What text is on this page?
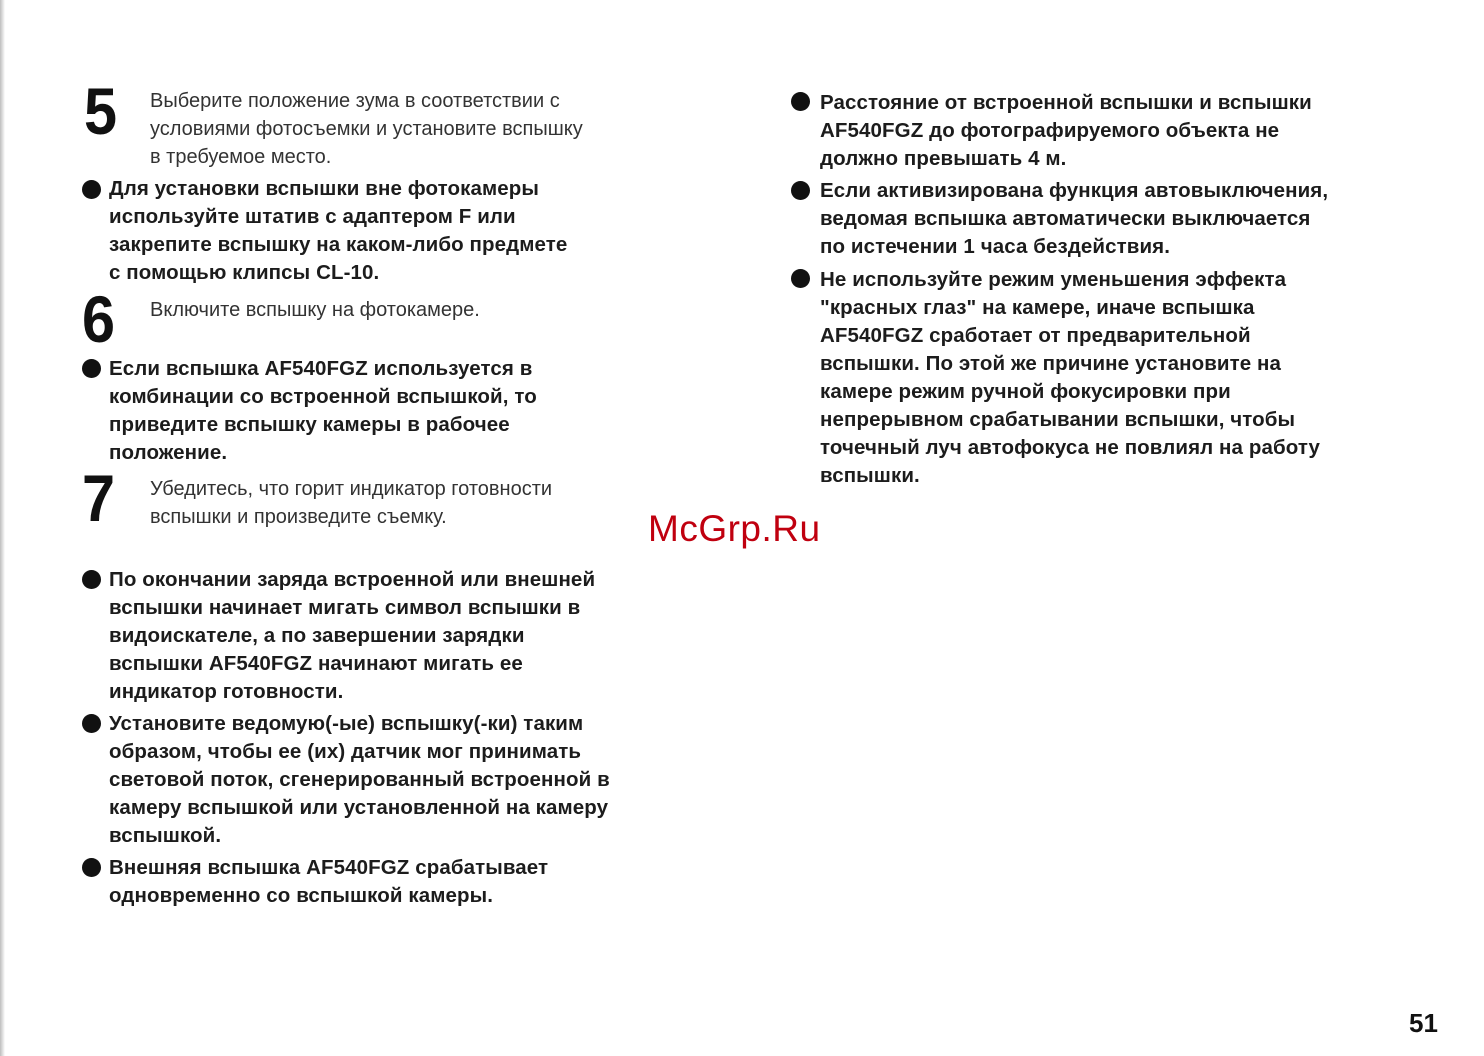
5 Выберите положение зума в соответствии с
условиями фотосъемки и установите вспышку
в требуемое место.
Для установки вспышки вне фотокамеры
используйте штатив с адаптером F или
закрепите вспышку на каком-либо предмете
с помощью клипсы CL-10.
6 Включите вспышку на фотокамере.
Если вспышка AF540FGZ используется в
комбинации со встроенной вспышкой, то
приведите вспышку камеры в рабочее
положение.
7 Убедитесь, что горит индикатор готовности
вспышки и произведите съемку.
По окончании заряда встроенной или внешней
вспышки начинает мигать символ вспышки в
видоискателе, а по завершении зарядки
вспышки AF540FGZ начинают мигать ее
индикатор готовности.
Установите ведомую(-ые) вспышку(-ки) таким
образом, чтобы ее (их) датчик мог принимать
световой поток, сгенерированный встроенной в
камеру вспышкой или установленной на камеру
вспышкой.
Внешняя вспышка AF540FGZ срабатывает
одновременно со вспышкой камеры.
Расстояние от встроенной вспышки и вспышки
AF540FGZ до фотографируемого объекта не
должно превышать 4 м.
Если активизирована функция автовыключения,
ведомая вспышка автоматически выключается
по истечении 1 часа бездействия.
Не используйте режим уменьшения эффекта
"красных глаз" на камере, иначе вспышка
AF540FGZ сработает от предварительной
вспышки. По этой же причине установите на
камере режим ручной фокусировки при
непрерывном срабатывании вспышки, чтобы
точечный луч автофокуса не повлиял на работу
вспышки.
McGrp.Ru
51
